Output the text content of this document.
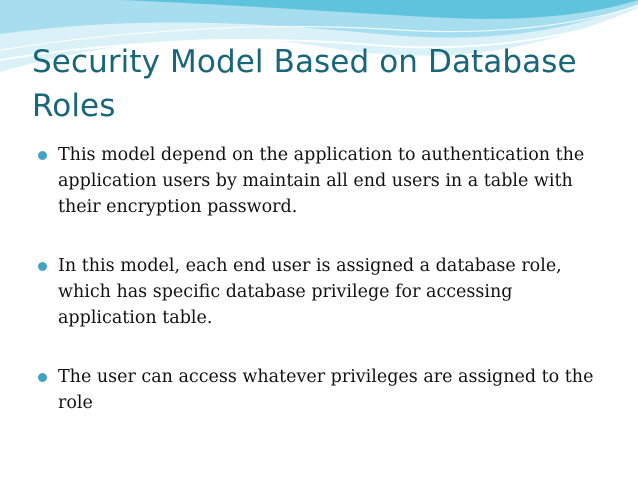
Security Model Based on Database Roles
This model depend on the application to authentication the application users by maintain all end users in a table with their encryption password.
In this model, each end user is assigned a database role, which has specific database privilege for accessing application table.
The user can access whatever privileges are assigned to the role
